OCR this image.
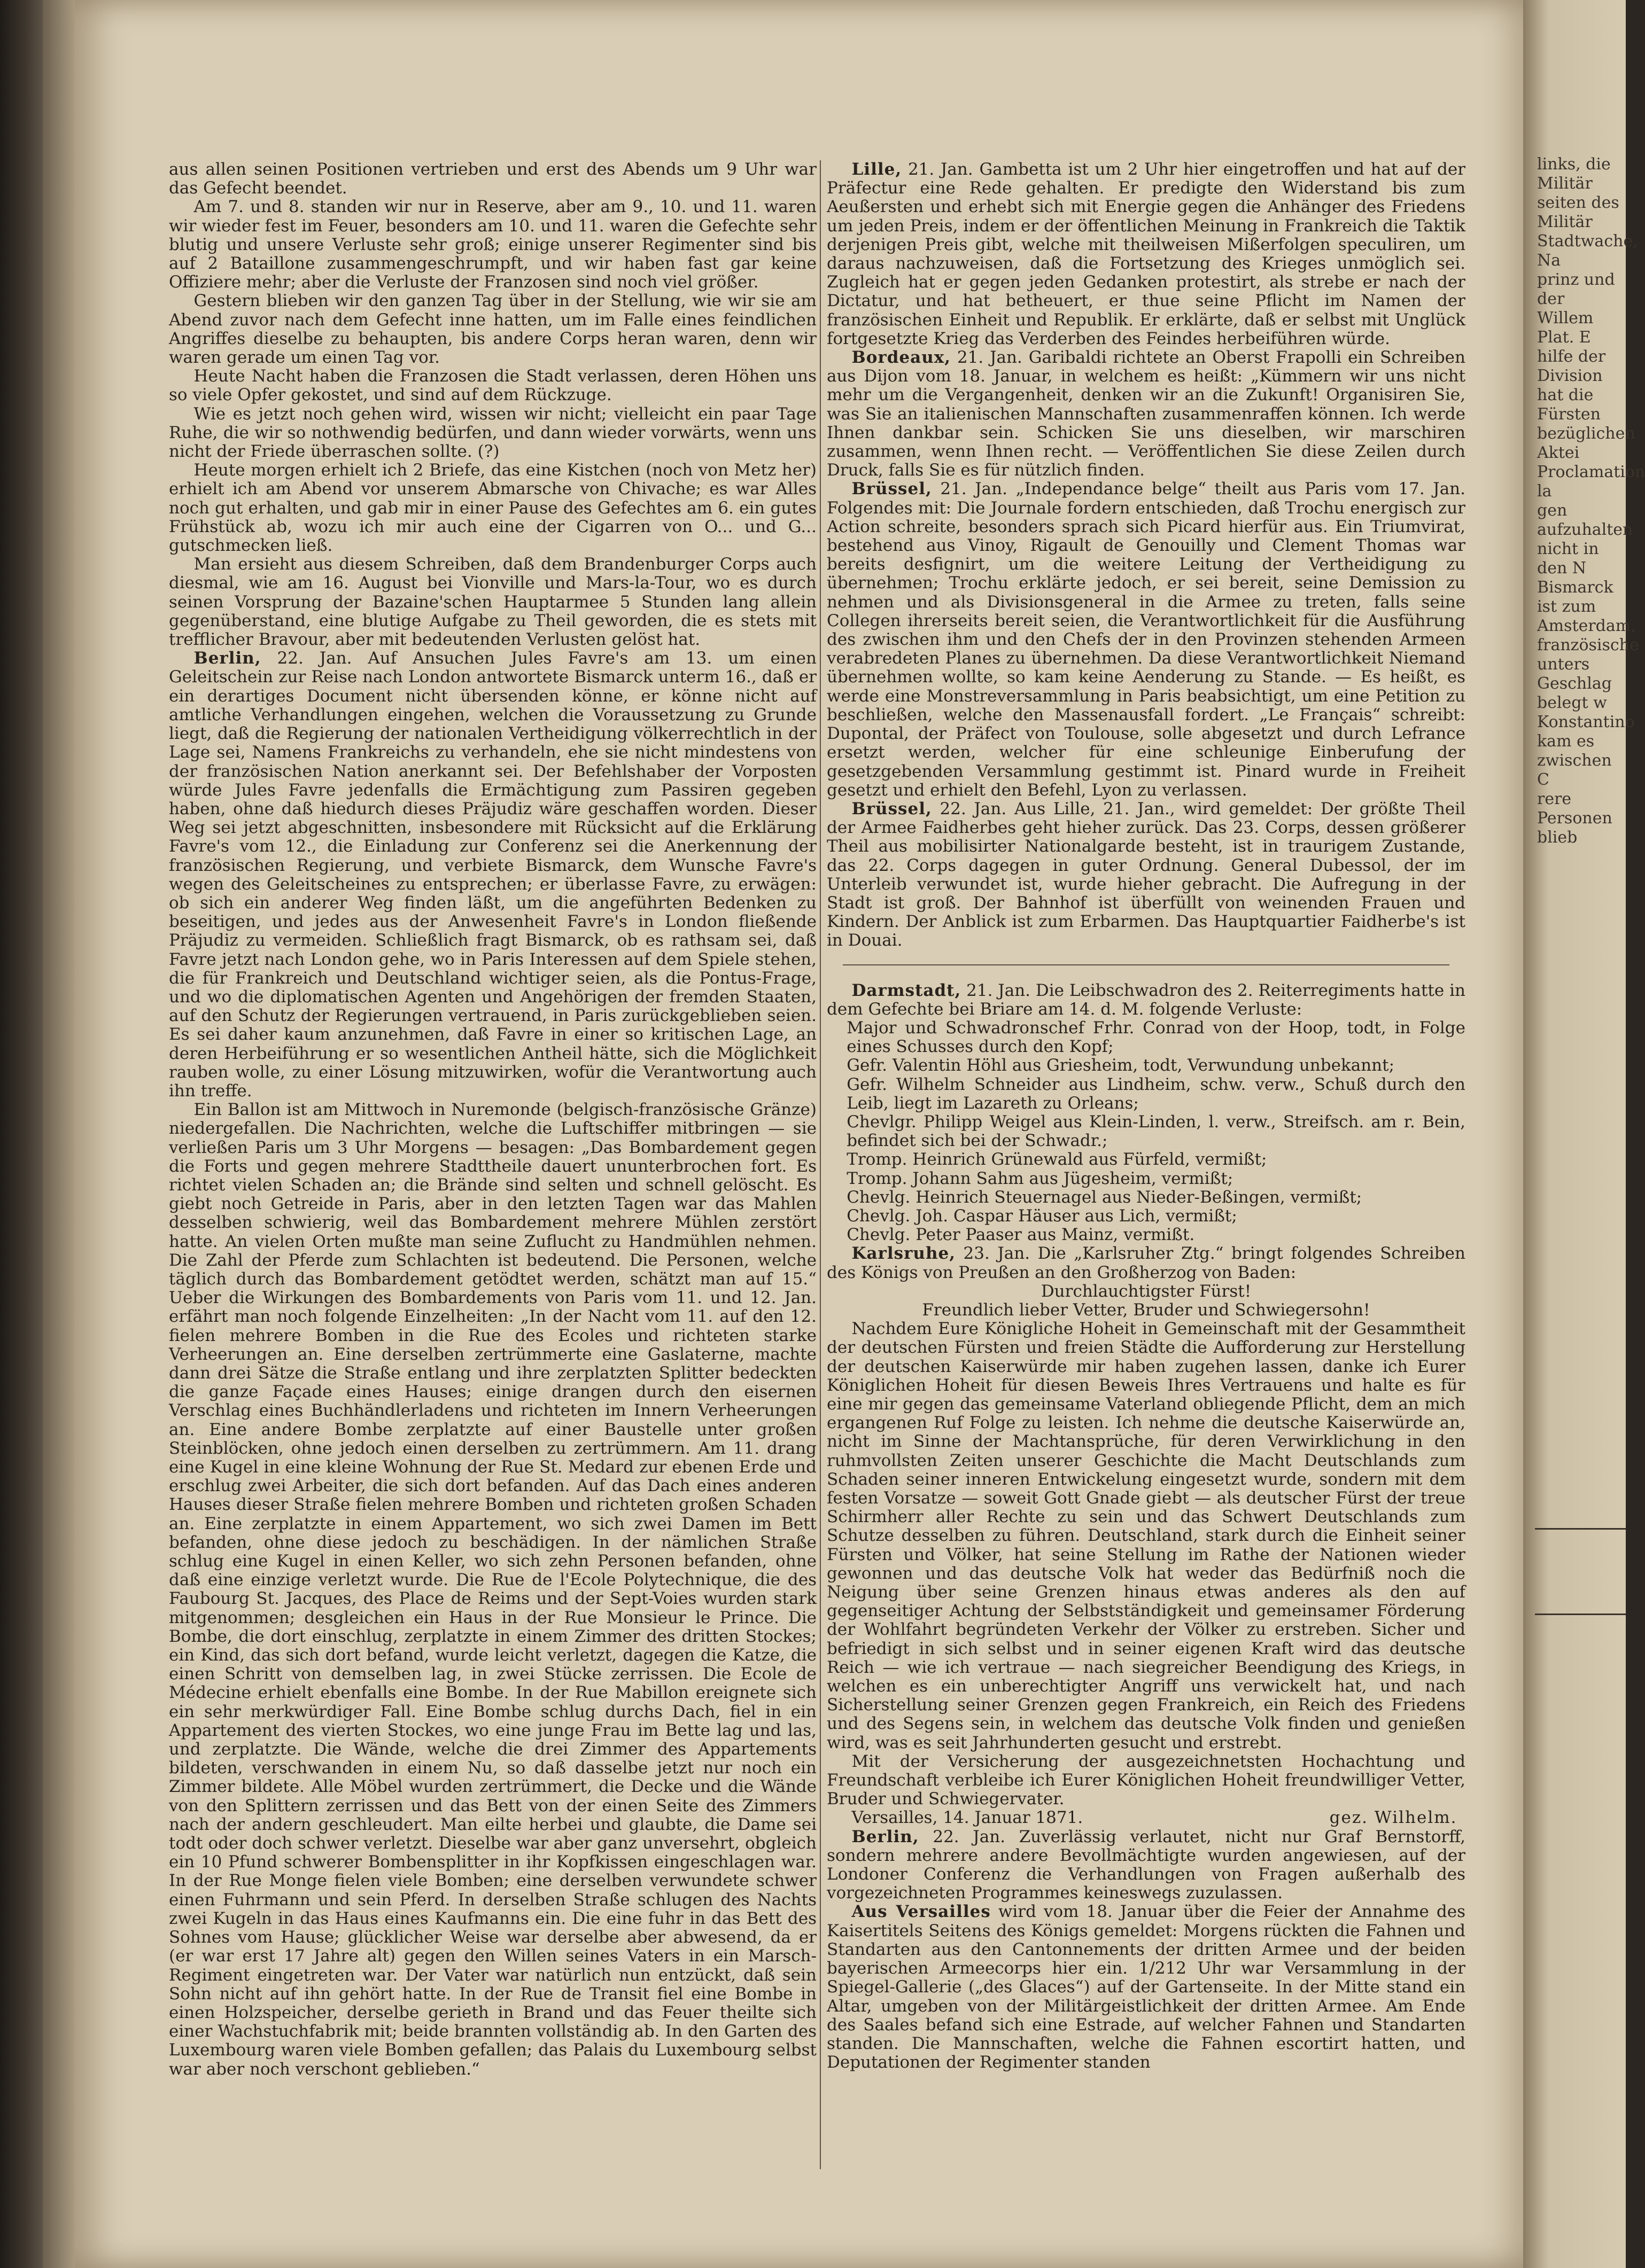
links, die Militär
seiten des Militär
Stadtwache, Na
prinz und der
Willem Plat. E
hilfe der Division
hat die Fürsten
bezüglichen Aktei
Proclamation la
gen aufzuhalten
nicht in den N
Bismarck ist zum
Amsterdam,
französische unters
Geschlag belegt w
Konstantino
kam es zwischen C
rere Personen blieb

aus allen seinen Positionen vertrieben und erst des Abends um 9 Uhr war das Gefecht beendet.

Am 7. und 8. standen wir nur in Reserve, aber am 9., 10. und 11. waren wir wieder fest im Feuer, besonders am 10. und 11. waren die Gefechte sehr blutig und unsere Verluste sehr groß; einige unserer Regimenter sind bis auf 2 Bataillone zusammengeschrumpft, und wir haben fast gar keine Offiziere mehr; aber die Verluste der Franzosen sind noch viel größer.

Gestern blieben wir den ganzen Tag über in der Stellung, wie wir sie am Abend zuvor nach dem Gefecht inne hatten, um im Falle eines feindlichen Angriffes dieselbe zu behaupten, bis andere Corps heran waren, denn wir waren gerade um einen Tag vor.

Heute Nacht haben die Franzosen die Stadt verlassen, deren Höhen uns so viele Opfer gekostet, und sind auf dem Rückzuge.

Wie es jetzt noch gehen wird, wissen wir nicht; vielleicht ein paar Tage Ruhe, die wir so nothwendig bedürfen, und dann wieder vorwärts, wenn uns nicht der Friede überraschen sollte. (?)

Heute morgen erhielt ich 2 Briefe, das eine Kistchen (noch von Metz her) erhielt ich am Abend vor unserem Abmarsche von Chivache; es war Alles noch gut erhalten, und gab mir in einer Pause des Gefechtes am 6. ein gutes Frühstück ab, wozu ich mir auch eine der Cigarren von O... und G... gutschmecken ließ.

Man ersieht aus diesem Schreiben, daß dem Brandenburger Corps auch diesmal, wie am 16. August bei Vionville und Mars-la-Tour, wo es durch seinen Vorsprung der Bazaine'schen Hauptarmee 5 Stunden lang allein gegenüberstand, eine blutige Aufgabe zu Theil geworden, die es stets mit trefflicher Bravour, aber mit bedeutenden Verlusten gelöst hat.

Berlin, 22. Jan. Auf Ansuchen Jules Favre's am 13. um einen Geleitschein zur Reise nach London antwortete Bismarck unterm 16., daß er ein derartiges Document nicht übersenden könne, er könne nicht auf amtliche Verhandlungen eingehen, welchen die Voraussetzung zu Grunde liegt, daß die Regierung der nationalen Vertheidigung völkerrechtlich in der Lage sei, Namens Frankreichs zu verhandeln, ehe sie nicht mindestens von der französischen Nation anerkannt sei. Der Befehlshaber der Vorposten würde Jules Favre jedenfalls die Ermächtigung zum Passiren gegeben haben, ohne daß hiedurch dieses Präjudiz wäre geschaffen worden. Dieser Weg sei jetzt abgeschnitten, insbesondere mit Rücksicht auf die Erklärung Favre's vom 12., die Einladung zur Conferenz sei die Anerkennung der französischen Regierung, und verbiete Bismarck, dem Wunsche Favre's wegen des Geleitscheines zu entsprechen; er überlasse Favre, zu erwägen: ob sich ein anderer Weg finden läßt, um die angeführten Bedenken zu beseitigen, und jedes aus der Anwesenheit Favre's in London fließende Präjudiz zu vermeiden. Schließlich fragt Bismarck, ob es rathsam sei, daß Favre jetzt nach London gehe, wo in Paris Interessen auf dem Spiele stehen, die für Frankreich und Deutschland wichtiger seien, als die Pontus-Frage, und wo die diplomatischen Agenten und Angehörigen der fremden Staaten, auf den Schutz der Regierungen vertrauend, in Paris zurückgeblieben seien. Es sei daher kaum anzunehmen, daß Favre in einer so kritischen Lage, an deren Herbeiführung er so wesentlichen Antheil hätte, sich die Möglichkeit rauben wolle, zu einer Lösung mitzuwirken, wofür die Verantwortung auch ihn treffe.

Ein Ballon ist am Mittwoch in Nuremonde (belgisch-französische Gränze) niedergefallen. Die Nachrichten, welche die Luftschiffer mitbringen — sie verließen Paris um 3 Uhr Morgens — besagen: „Das Bombardement gegen die Forts und gegen mehrere Stadttheile dauert ununterbrochen fort. Es richtet vielen Schaden an; die Brände sind selten und schnell gelöscht. Es giebt noch Getreide in Paris, aber in den letzten Tagen war das Mahlen desselben schwierig, weil das Bombardement mehrere Mühlen zerstört hatte. An vielen Orten mußte man seine Zuflucht zu Handmühlen nehmen. Die Zahl der Pferde zum Schlachten ist bedeutend. Die Personen, welche täglich durch das Bombardement getödtet werden, schätzt man auf 15.“ Ueber die Wirkungen des Bombardements von Paris vom 11. und 12. Jan. erfährt man noch folgende Einzelheiten: „In der Nacht vom 11. auf den 12. fielen mehrere Bomben in die Rue des Ecoles und richteten starke Verheerungen an. Eine derselben zertrümmerte eine Gaslaterne, machte dann drei Sätze die Straße entlang und ihre zerplatzten Splitter bedeckten die ganze Façade eines Hauses; einige drangen durch den eisernen Verschlag eines Buchhändlerladens und richteten im Innern Verheerungen an. Eine andere Bombe zerplatzte auf einer Baustelle unter großen Steinblöcken, ohne jedoch einen derselben zu zertrümmern. Am 11. drang eine Kugel in eine kleine Wohnung der Rue St. Medard zur ebenen Erde und erschlug zwei Arbeiter, die sich dort befanden. Auf das Dach eines anderen Hauses dieser Straße fielen mehrere Bomben und richteten großen Schaden an. Eine zerplatzte in einem Appartement, wo sich zwei Damen im Bett befanden, ohne diese jedoch zu beschädigen. In der nämlichen Straße schlug eine Kugel in einen Keller, wo sich zehn Personen befanden, ohne daß eine einzige verletzt wurde. Die Rue de l'Ecole Polytechnique, die des Faubourg St. Jacques, des Place de Reims und der Sept-Voies wurden stark mitgenommen; desgleichen ein Haus in der Rue Monsieur le Prince. Die Bombe, die dort einschlug, zerplatzte in einem Zimmer des dritten Stockes; ein Kind, das sich dort befand, wurde leicht verletzt, dagegen die Katze, die einen Schritt von demselben lag, in zwei Stücke zerrissen. Die Ecole de Médecine erhielt ebenfalls eine Bombe. In der Rue Mabillon ereignete sich ein sehr merkwürdiger Fall. Eine Bombe schlug durchs Dach, fiel in ein Appartement des vierten Stockes, wo eine junge Frau im Bette lag und las, und zerplatzte. Die Wände, welche die drei Zimmer des Appartements bildeten, verschwanden in einem Nu, so daß dasselbe jetzt nur noch ein Zimmer bildete. Alle Möbel wurden zertrümmert, die Decke und die Wände von den Splittern zerrissen und das Bett von der einen Seite des Zimmers nach der andern geschleudert. Man eilte herbei und glaubte, die Dame sei todt oder doch schwer verletzt. Dieselbe war aber ganz unversehrt, obgleich ein 10 Pfund schwerer Bombensplitter in ihr Kopfkissen eingeschlagen war. In der Rue Monge fielen viele Bomben; eine derselben verwundete schwer einen Fuhrmann und sein Pferd. In derselben Straße schlugen des Nachts zwei Kugeln in das Haus eines Kaufmanns ein. Die eine fuhr in das Bett des Sohnes vom Hause; glücklicher Weise war derselbe aber abwesend, da er (er war erst 17 Jahre alt) gegen den Willen seines Vaters in ein Marsch-Regiment eingetreten war. Der Vater war natürlich nun entzückt, daß sein Sohn nicht auf ihn gehört hatte. In der Rue de Transit fiel eine Bombe in einen Holzspeicher, derselbe gerieth in Brand und das Feuer theilte sich einer Wachstuchfabrik mit; beide brannten vollständig ab. In den Garten des Luxembourg waren viele Bomben gefallen; das Palais du Luxembourg selbst war aber noch verschont geblieben.“

Lille, 21. Jan. Gambetta ist um 2 Uhr hier eingetroffen und hat auf der Präfectur eine Rede gehalten. Er predigte den Widerstand bis zum Aeußersten und erhebt sich mit Energie gegen die Anhänger des Friedens um jeden Preis, indem er der öffentlichen Meinung in Frankreich die Taktik derjenigen Preis gibt, welche mit theilweisen Mißerfolgen speculiren, um daraus nachzuweisen, daß die Fortsetzung des Krieges unmöglich sei. Zugleich hat er gegen jeden Gedanken protestirt, als strebe er nach der Dictatur, und hat betheuert, er thue seine Pflicht im Namen der französischen Einheit und Republik. Er erklärte, daß er selbst mit Unglück fortgesetzte Krieg das Verderben des Feindes herbeiführen würde.

Bordeaux, 21. Jan. Garibaldi richtete an Oberst Frapolli ein Schreiben aus Dijon vom 18. Januar, in welchem es heißt: „Kümmern wir uns nicht mehr um die Vergangenheit, denken wir an die Zukunft! Organisiren Sie, was Sie an italienischen Mannschaften zusammenraffen können. Ich werde Ihnen dankbar sein. Schicken Sie uns dieselben, wir marschiren zusammen, wenn Ihnen recht. — Veröffentlichen Sie diese Zeilen durch Druck, falls Sie es für nützlich finden.

Brüssel, 21. Jan. „Independance belge“ theilt aus Paris vom 17. Jan. Folgendes mit: Die Journale fordern entschieden, daß Trochu energisch zur Action schreite, besonders sprach sich Picard hierfür aus. Ein Triumvirat, bestehend aus Vinoy, Rigault de Genouilly und Clement Thomas war bereits desfignirt, um die weitere Leitung der Vertheidigung zu übernehmen; Trochu erklärte jedoch, er sei bereit, seine Demission zu nehmen und als Divisionsgeneral in die Armee zu treten, falls seine Collegen ihrerseits bereit seien, die Verantwortlichkeit für die Ausführung des zwischen ihm und den Chefs der in den Provinzen stehenden Armeen verabredeten Planes zu übernehmen. Da diese Verantwortlichkeit Niemand übernehmen wollte, so kam keine Aenderung zu Stande. — Es heißt, es werde eine Monstreversammlung in Paris beabsichtigt, um eine Petition zu beschließen, welche den Massenausfall fordert. „Le Français“ schreibt: Dupontal, der Präfect von Toulouse, solle abgesetzt und durch Lefrance ersetzt werden, welcher für eine schleunige Einberufung der gesetzgebenden Versammlung gestimmt ist. Pinard wurde in Freiheit gesetzt und erhielt den Befehl, Lyon zu verlassen.

Brüssel, 22. Jan. Aus Lille, 21. Jan., wird gemeldet: Der größte Theil der Armee Faidherbes geht hieher zurück. Das 23. Corps, dessen größerer Theil aus mobilisirter Nationalgarde besteht, ist in traurigem Zustande, das 22. Corps dagegen in guter Ordnung. General Dubessol, der im Unterleib verwundet ist, wurde hieher gebracht. Die Aufregung in der Stadt ist groß. Der Bahnhof ist überfüllt von weinenden Frauen und Kindern. Der Anblick ist zum Erbarmen. Das Hauptquartier Faidherbe's ist in Douai.

Darmstadt, 21. Jan. Die Leibschwadron des 2. Reiterregiments hatte in dem Gefechte bei Briare am 14. d. M. folgende Verluste:

Major und Schwadronschef Frhr. Conrad von der Hoop, todt, in Folge eines Schusses durch den Kopf;

Gefr. Valentin Höhl aus Griesheim, todt, Verwundung unbekannt;

Gefr. Wilhelm Schneider aus Lindheim, schw. verw., Schuß durch den Leib, liegt im Lazareth zu Orleans;

Chevlgr. Philipp Weigel aus Klein-Linden, l. verw., Streifsch. am r. Bein, befindet sich bei der Schwadr.;

Tromp. Heinrich Grünewald aus Fürfeld, vermißt;

Tromp. Johann Sahm aus Jügesheim, vermißt;

Chevlg. Heinrich Steuernagel aus Nieder-Beßingen, vermißt;

Chevlg. Joh. Caspar Häuser aus Lich, vermißt;

Chevlg. Peter Paaser aus Mainz, vermißt.

Karlsruhe, 23. Jan. Die „Karlsruher Ztg.“ bringt folgendes Schreiben des Königs von Preußen an den Großherzog von Baden:

Durchlauchtigster Fürst!

Freundlich lieber Vetter, Bruder und Schwiegersohn!

Nachdem Eure Königliche Hoheit in Gemeinschaft mit der Gesammtheit der deutschen Fürsten und freien Städte die Aufforderung zur Herstellung der deutschen Kaiserwürde mir haben zugehen lassen, danke ich Eurer Königlichen Hoheit für diesen Beweis Ihres Vertrauens und halte es für eine mir gegen das gemeinsame Vaterland obliegende Pflicht, dem an mich ergangenen Ruf Folge zu leisten. Ich nehme die deutsche Kaiserwürde an, nicht im Sinne der Machtansprüche, für deren Verwirklichung in den ruhmvollsten Zeiten unserer Geschichte die Macht Deutschlands zum Schaden seiner inneren Entwickelung eingesetzt wurde, sondern mit dem festen Vorsatze — soweit Gott Gnade giebt — als deutscher Fürst der treue Schirmherr aller Rechte zu sein und das Schwert Deutschlands zum Schutze desselben zu führen. Deutschland, stark durch die Einheit seiner Fürsten und Völker, hat seine Stellung im Rathe der Nationen wieder gewonnen und das deutsche Volk hat weder das Bedürfniß noch die Neigung über seine Grenzen hinaus etwas anderes als den auf gegenseitiger Achtung der Selbstständigkeit und gemeinsamer Förderung der Wohlfahrt begründeten Verkehr der Völker zu erstreben. Sicher und befriedigt in sich selbst und in seiner eigenen Kraft wird das deutsche Reich — wie ich vertraue — nach siegreicher Beendigung des Kriegs, in welchen es ein unberechtigter Angriff uns verwickelt hat, und nach Sicherstellung seiner Grenzen gegen Frankreich, ein Reich des Friedens und des Segens sein, in welchem das deutsche Volk finden und genießen wird, was es seit Jahrhunderten gesucht und erstrebt.

Mit der Versicherung der ausgezeichnetsten Hochachtung und Freundschaft verbleibe ich Eurer Königlichen Hoheit freundwilliger Vetter, Bruder und Schwiegervater.

Versailles, 14. Januar 1871.	gez. Wilhelm.

Berlin, 22. Jan. Zuverlässig verlautet, nicht nur Graf Bernstorff, sondern mehrere andere Bevollmächtigte wurden angewiesen, auf der Londoner Conferenz die Verhandlungen von Fragen außerhalb des vorgezeichneten Programmes keineswegs zuzulassen.

Aus Versailles wird vom 18. Januar über die Feier der Annahme des Kaisertitels Seitens des Königs gemeldet: Morgens rückten die Fahnen und Standarten aus den Cantonnements der dritten Armee und der beiden bayerischen Armeecorps hier ein. 1/212 Uhr war Versammlung in der Spiegel-Gallerie („des Glaces“) auf der Gartenseite. In der Mitte stand ein Altar, umgeben von der Militärgeistlichkeit der dritten Armee. Am Ende des Saales befand sich eine Estrade, auf welcher Fahnen und Standarten standen. Die Mannschaften, welche die Fahnen escortirt hatten, und Deputationen der Regimenter standen
